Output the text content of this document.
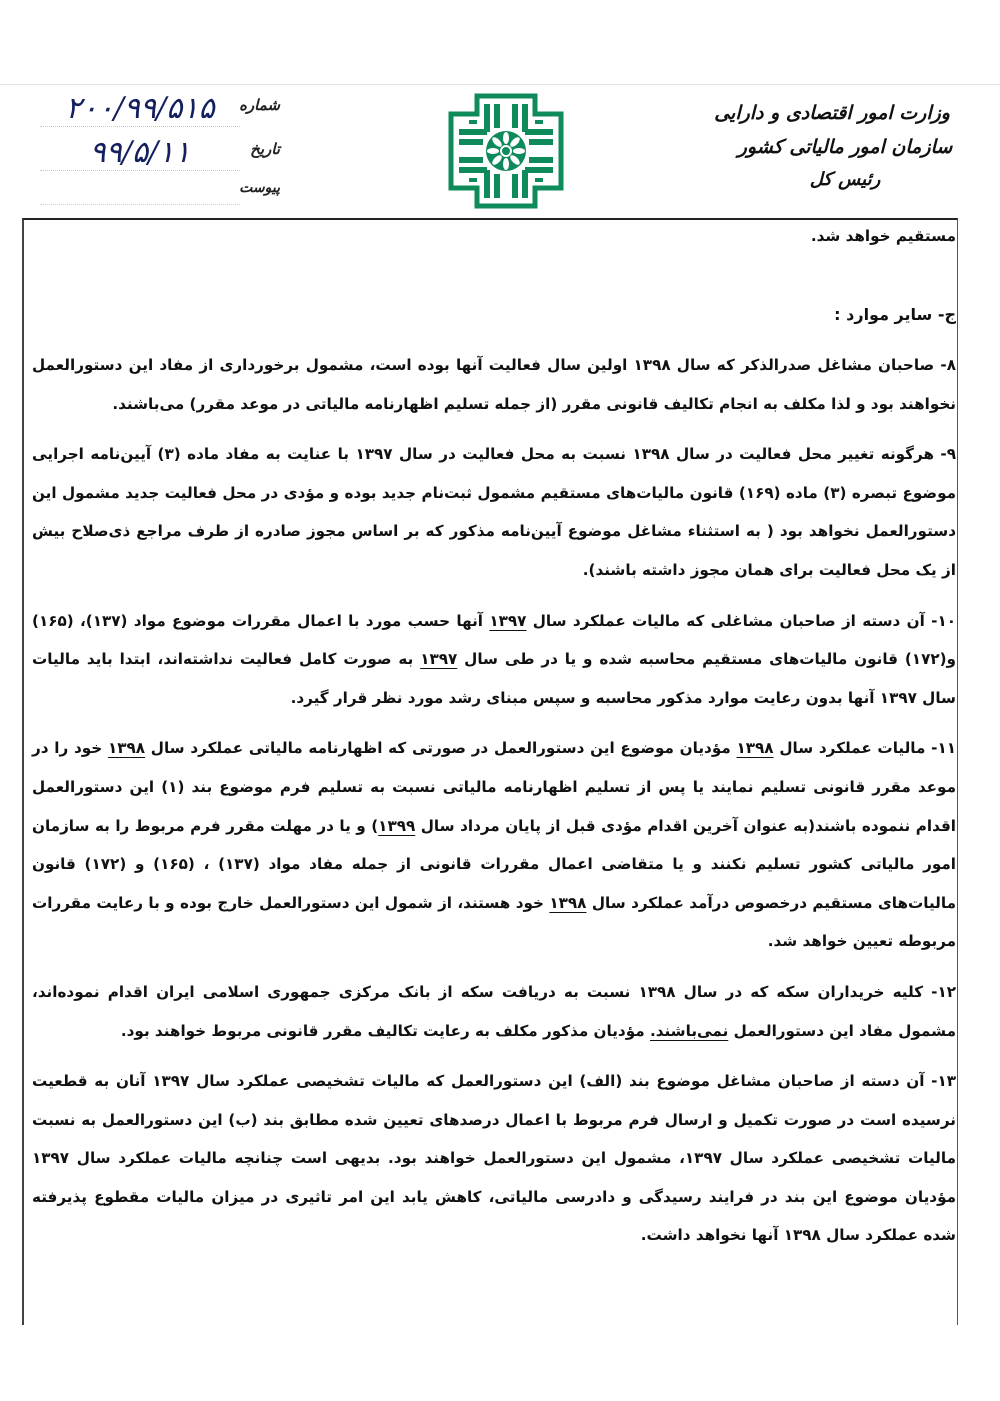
وزارت امور اقتصادی و دارایی
سازمان امور مالیاتی کشور
رئیس کل
شماره
۲۰۰/۹۹/۵۱۵
تاریخ
۹۹/۵/۱۱
پیوست

مستقیم خواهد شد.

ج- سایر موارد :

۸- صاحبان مشاغل صدرالذکر که سال ۱۳۹۸ اولین سال فعالیت آنها بوده است، مشمول برخورداری از مفاد این دستورالعمل نخواهند بود و لذا مکلف به انجام تکالیف قانونی مقرر (از جمله تسلیم اظهارنامه مالیاتی در موعد مقرر) می‌باشند.

۹- هرگونه تغییر محل فعالیت در سال ۱۳۹۸ نسبت به محل فعالیت در سال ۱۳۹۷ با عنایت به مفاد ماده (۳) آیین‌نامه اجرایی موضوع تبصره (۳) ماده (۱۶۹) قانون مالیات‌های مستقیم مشمول ثبت‌نام جدید بوده و مؤدی در محل فعالیت جدید مشمول این دستورالعمل نخواهد بود ( به استثناء مشاغل موضوع آیین‌نامه مذکور که بر اساس مجوز صادره از طرف مراجع ذی‌صلاح بیش از یک محل فعالیت برای همان مجوز داشته باشند).

۱۰- آن دسته از صاحبان مشاغلی که مالیات عملکرد سال ۱۳۹۷ آنها حسب مورد با اعمال مقررات موضوع مواد (۱۳۷)، (۱۶۵) و(۱۷۲) قانون مالیات‌های مستقیم محاسبه شده و یا در طی سال ۱۳۹۷ به صورت کامل فعالیت نداشته‌اند، ابتدا باید مالیات سال ۱۳۹۷ آنها بدون رعایت موارد مذکور محاسبه و سپس مبنای رشد مورد نظر قرار گیرد.

۱۱- مالیات عملکرد سال ۱۳۹۸ مؤدیان موضوع این دستورالعمل در صورتی که اظهارنامه مالیاتی عملکرد سال ۱۳۹۸ خود را در موعد مقرر قانونی تسلیم نمایند یا پس از تسلیم اظهارنامه مالیاتی نسبت به تسلیم فرم موضوع بند (۱) این دستورالعمل اقدام ننموده باشند(به عنوان آخرین اقدام مؤدی قبل از پایان مرداد سال ۱۳۹۹) و یا در مهلت مقرر فرم مربوط را به سازمان امور مالیاتی کشور تسلیم نکنند و یا متقاضی اعمال مقررات قانونی از جمله مفاد مواد (۱۳۷) ، (۱۶۵) و (۱۷۲) قانون مالیات‌های مستقیم درخصوص درآمد عملکرد سال ۱۳۹۸ خود هستند، از شمول این دستورالعمل خارج بوده و با رعایت مقررات مربوطه تعیین خواهد شد.

۱۲- کلیه خریداران سکه که در سال ۱۳۹۸ نسبت به دریافت سکه از بانک مرکزی جمهوری اسلامی ایران اقدام نموده‌اند، مشمول مفاد این دستورالعمل نمی‌باشند. مؤدیان مذکور مکلف به رعایت تکالیف مقرر قانونی مربوط خواهند بود.

۱۳- آن دسته از صاحبان مشاغل موضوع بند (الف) این دستورالعمل که مالیات تشخیصی عملکرد سال ۱۳۹۷ آنان به قطعیت نرسیده است در صورت تکمیل و ارسال فرم مربوط با اعمال درصدهای تعیین شده مطابق بند (ب) این دستورالعمل به نسبت مالیات تشخیصی عملکرد سال ۱۳۹۷، مشمول این دستورالعمل خواهند بود. بدیهی است چنانچه مالیات عملکرد سال ۱۳۹۷ مؤدیان موضوع این بند در فرایند رسیدگی و دادرسی مالیاتی، کاهش یابد این امر تاثیری در میزان مالیات مقطوع پذیرفته شده عملکرد سال ۱۳۹۸ آنها نخواهد داشت.
